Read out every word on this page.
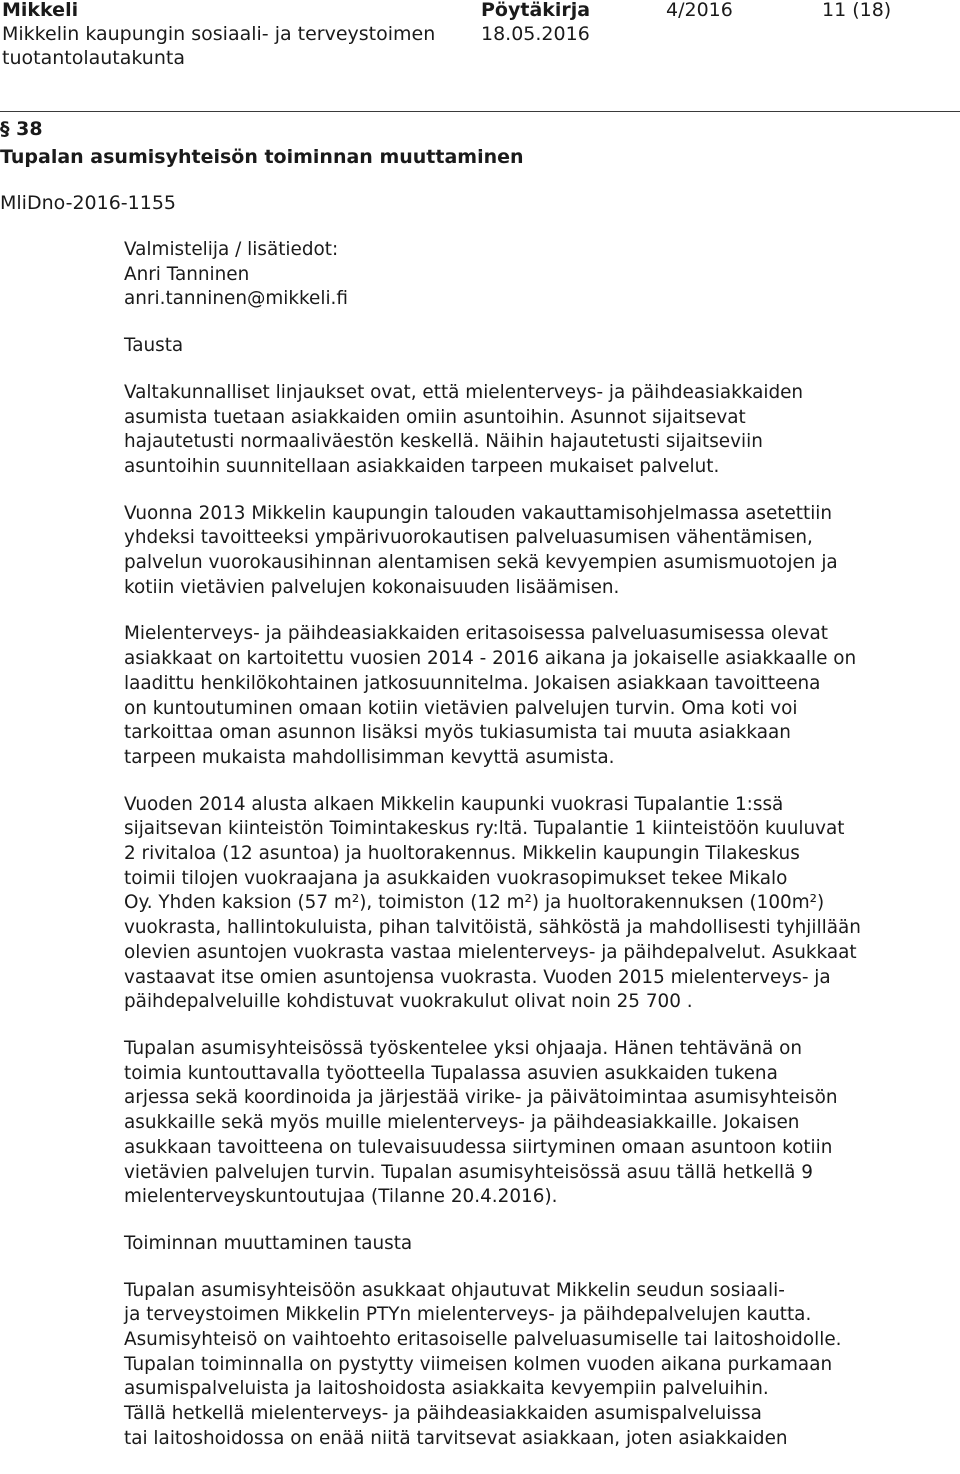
Mikkeli
Mikkelin kaupungin sosiaali- ja terveystoimen
tuotantolautakunta
Pöytäkirja
18.05.2016
4/2016	11 (18)
§ 38
Tupalan asumisyhteisön toiminnan muuttaminen
MliDno-2016-1155
Valmistelija / lisätiedot:
Anri Tanninen
anri.tanninen@mikkeli.fi

Tausta

Valtakunnalliset linjaukset ovat, että mielenterveys- ja päihdeasiakkaiden
asumista tuetaan asiakkaiden omiin asuntoihin. Asunnot sijaitsevat
hajautetusti normaaliväestön keskellä. Näihin hajautetusti sijaitseviin
asuntoihin suunnitellaan asiakkaiden tarpeen mukaiset palvelut.

Vuonna 2013 Mikkelin kaupungin talouden vakauttamisohjelmassa asetettiin
yhdeksi tavoitteeksi ympärivuorokautisen palveluasumisen vähentämisen,
palvelun vuorokausihinnan alentamisen sekä kevyempien asumismuotojen ja
kotiin vietävien palvelujen kokonaisuuden lisäämisen.

Mielenterveys- ja päihdeasiakkaiden eritasoisessa palveluasumisessa olevat
asiakkaat on kartoitettu vuosien 2014 - 2016 aikana ja jokaiselle asiakkaalle on
laadittu henkilökohtainen jatkosuunnitelma. Jokaisen asiakkaan tavoitteena
on kuntoutuminen omaan kotiin vietävien palvelujen turvin. Oma koti voi
tarkoittaa oman asunnon lisäksi myös tukiasumista tai muuta asiakkaan
tarpeen mukaista mahdollisimman kevyttä asumista.

Vuoden 2014 alusta alkaen Mikkelin kaupunki vuokrasi Tupalantie 1:ssä
sijaitsevan kiinteistön Toimintakeskus ry:ltä. Tupalantie 1 kiinteistöön kuuluvat
2 rivitaloa (12 asuntoa) ja huoltorakennus. Mikkelin kaupungin Tilakeskus
toimii tilojen vuokraajana ja asukkaiden vuokrasopimukset tekee Mikalo
Oy. Yhden kaksion (57 m²), toimiston (12 m²) ja huoltorakennuksen (100m²)
vuokrasta, hallintokuluista, pihan talvitöistä, sähköstä ja mahdollisesti tyhjillään
olevien asuntojen vuokrasta vastaa mielenterveys- ja päihdepalvelut. Asukkaat
vastaavat itse omien asuntojensa vuokrasta. Vuoden 2015 mielenterveys- ja
päihdepalveluille kohdistuvat vuokrakulut olivat noin 25 700 .

Tupalan asumisyhteisössä työskentelee yksi ohjaaja. Hänen tehtävänä on
toimia kuntouttavalla työotteella Tupalassa asuvien asukkaiden tukena
arjessa sekä koordinoida ja järjestää virike- ja päivätoimintaa asumisyhteisön
asukkaille sekä myös muille mielenterveys- ja päihdeasiakkaille. Jokaisen
asukkaan tavoitteena on tulevaisuudessa siirtyminen omaan asuntoon kotiin
vietävien palvelujen turvin. Tupalan asumisyhteisössä asuu tällä hetkellä 9
mielenterveyskuntoutujaa (Tilanne 20.4.2016).

Toiminnan muuttaminen tausta

Tupalan asumisyhteisöön asukkaat ohjautuvat Mikkelin seudun sosiaali-
ja terveystoimen Mikkelin PTYn mielenterveys- ja päihdepalvelujen kautta.
Asumisyhteisö on vaihtoehto eritasoiselle palveluasumiselle tai laitoshoidolle.
Tupalan toiminnalla on pystytty viimeisen kolmen vuoden aikana purkamaan
asumispalveluista ja laitoshoidosta asiakkaita kevyempiin palveluihin.
Tällä hetkellä mielenterveys- ja päihdeasiakkaiden asumispalveluissa
tai laitoshoidossa on enää niitä tarvitsevat asiakkaan, joten asiakkaiden
